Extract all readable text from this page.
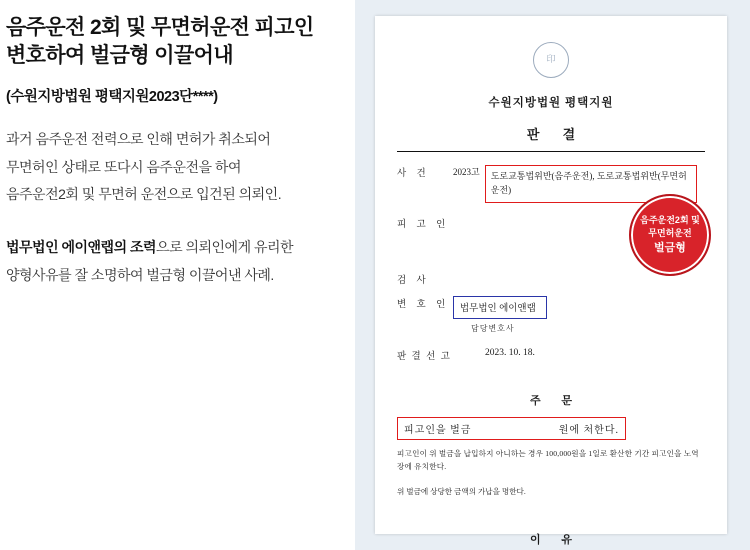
음주운전 2회 및 무면허운전 피고인
변호하여 벌금형 이끌어내
(수원지방법원 평택지원2023단****)
과거 음주운전 전력으로 인해 면허가 취소되어
무면허인 상태로 또다시 음주운전을 하여
음주운전2회 및 무면허 운전으로 입건된 의뢰인.
법무법인 에이앤랩의 조력으로 의뢰인에게 유리한
양형사유를 잘 소명하여 벌금형 이끌어낸 사례.
印
수원지방법원 평택지원
판 결
사 건	2023고	도로교통법위반(음주운전), 도로교통법위반(무면허운전)
피 고 인
검 사
변 호 인	법무법인 에이앤랩
담당변호사
판 결 선 고	2023. 10. 18.
주 문
피고인을 벌금	원에 처한다.
피고인이 위 벌금을 납입하지 아니하는 경우 100,000원을 1일로 환산한 기간 피고인을 노역장에 유치한다.
위 벌금에 상당한 금액의 가납을 명한다.
이 유
음주운전2회 및
무면허운전
벌금형
